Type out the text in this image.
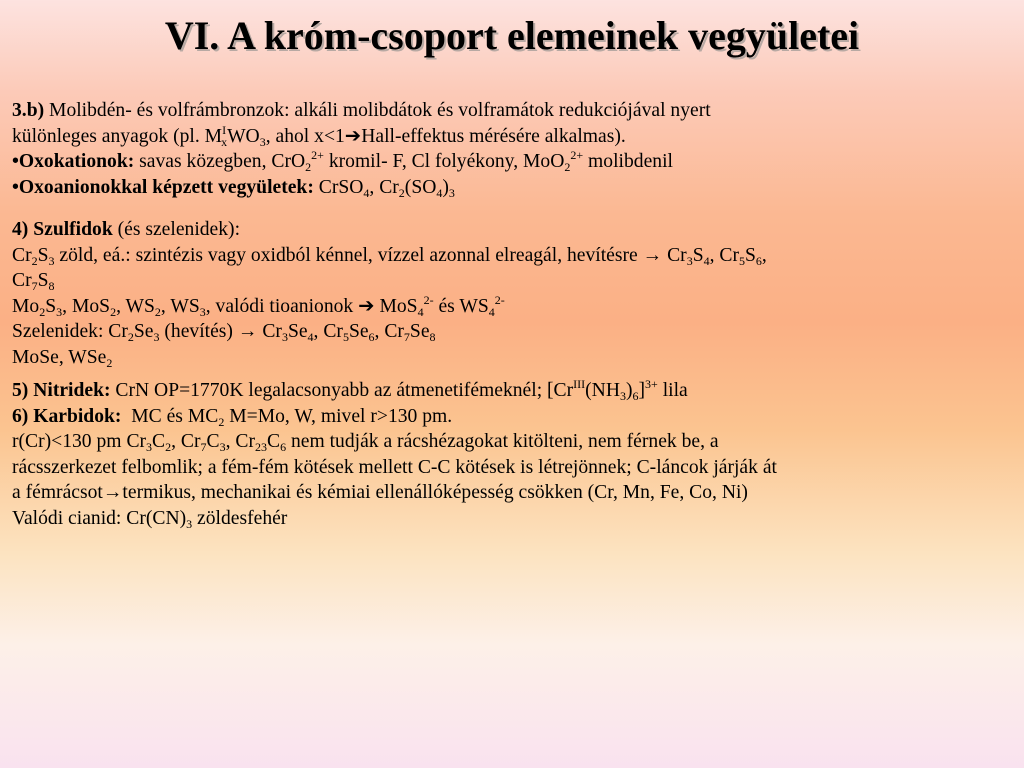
VI. A króm-csoport elemeinek vegyületei
3.b) Molibdén- és volfrámbronzok: alkáli molibdátok és volframátok redukciójával nyert
különleges anyagok (pl. $M^I_xWO_3$, ahol x<1➔Hall-effektus mérésére alkalmas).
•Oxokationok: savas közegben, CrO$_2^{2+}$ kromil- F, Cl folyékony, MoO$_2^{2+}$ molibdenil
•Oxoanionokkal képzett vegyületek: CrSO$_4$, $Cr_2(SO_4)_3$
4) Szulfidok (és szelenidek):
$Cr_2S_3$ zöld, eá.: szintézis vagy oxidból kénnel, vízzel azonnal elreagál, hevítésre → $Cr_3S_4$, $Cr_5S_6$,
$Cr_7S_8$
$Mo_2S_3$, MoS$_2$, $WS_2$, $WS_3$, valódi tioanionok ➔ MoS$_4^{2-}$ és $WS_4^{2-}$
Szelenidek: $Cr_2Se_3$ (hevítés) → $Cr_3Se_4$, $Cr_5Se_6$, $Cr_7Se_8$
MoSe, WSe$_2$
5) Nitridek: CrN OP=1770K legalacsonyabb az átmenetifémeknél; $[Cr^{III}(NH_3)_6]^{3+}$ lila
6) Karbidok:  MC és $MC_2$ M=Mo, W, mivel r>130 pm.
r(Cr)<130 pm $Cr_3C_2$, $Cr_7C_3$, $Cr_{23}C_6$ nem tudják a rácshézagokat kitölteni, nem férnek be, a
rácsszerkezet felbomlik; a fém-fém kötések mellett C-C kötések is létrejönnek; C-láncok járják át
a fémrácsot→termikus, mechanikai és kémiai ellenállóképesség csökken (Cr, Mn, Fe, Co, Ni)
Valódi cianid: $Cr(CN)_3$ zöldesfehér
